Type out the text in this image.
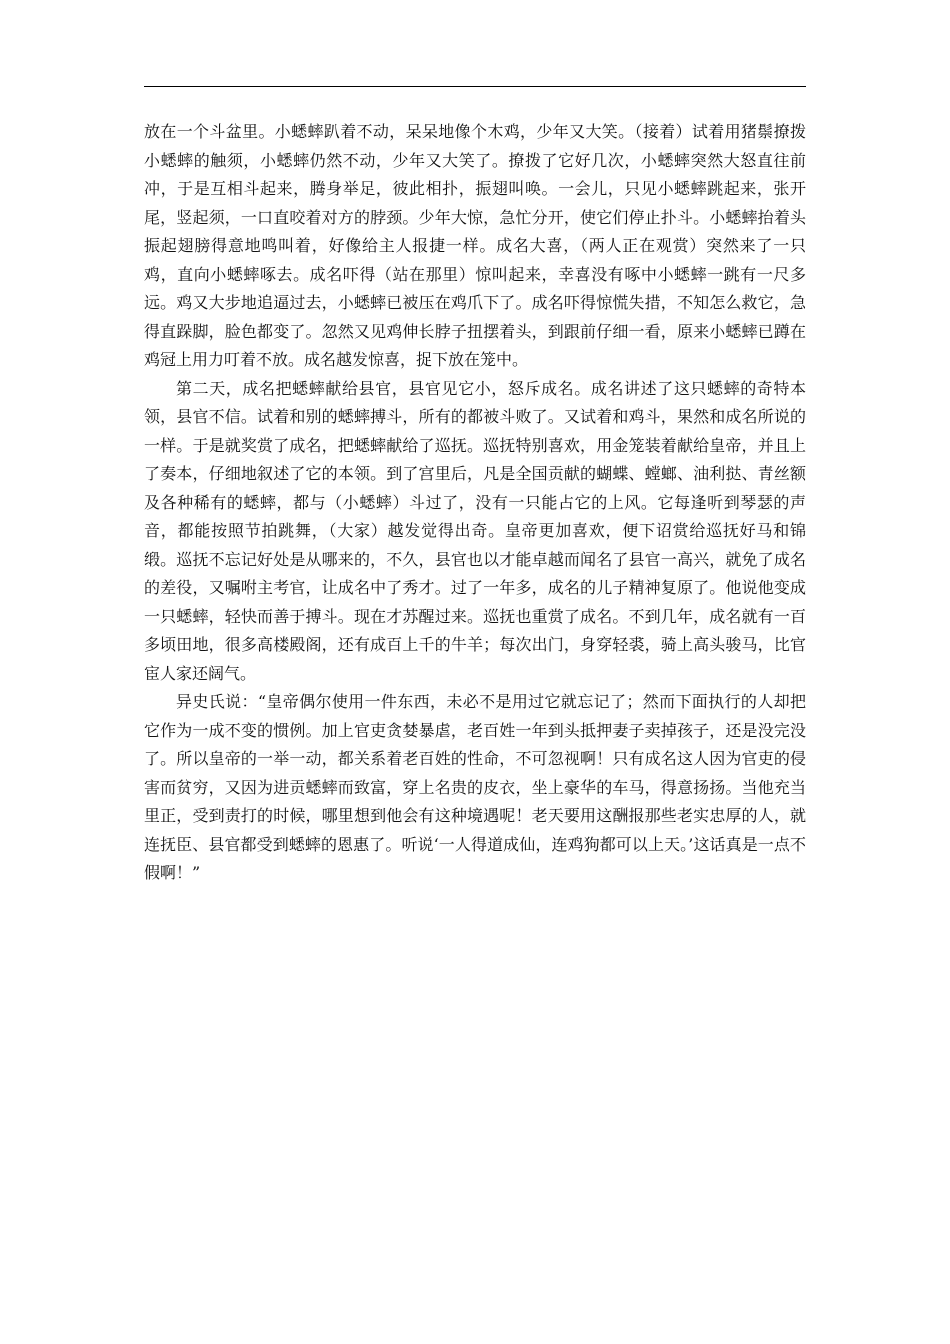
放在一个斗盆里。小蟋蟀趴着不动，呆呆地像个木鸡，少年又大笑。（接着）试着用猪鬃撩拨小蟋蟀的触须，小蟋蟀仍然不动，少年又大笑了。撩拨了它好几次，小蟋蟀突然大怒直往前冲，于是互相斗起来，腾身举足，彼此相扑，振翅叫唤。一会儿，只见小蟋蟀跳起来，张开尾，竖起须，一口直咬着对方的脖颈。少年大惊，急忙分开，使它们停止扑斗。小蟋蟀抬着头振起翅膀得意地鸣叫着，好像给主人报捷一样。成名大喜，（两人正在观赏）突然来了一只鸡，直向小蟋蟀啄去。成名吓得（站在那里）惊叫起来，幸喜没有啄中小蟋蟀一跳有一尺多远。鸡又大步地追逼过去，小蟋蟀已被压在鸡爪下了。成名吓得惊慌失措，不知怎么救它，急得直跺脚，脸色都变了。忽然又见鸡伸长脖子扭摆着头，到跟前仔细一看，原来小蟋蟀已蹲在鸡冠上用力叮着不放。成名越发惊喜，捉下放在笼中。

第二天，成名把蟋蟀献给县官，县官见它小，怒斥成名。成名讲述了这只蟋蟀的奇特本领，县官不信。试着和别的蟋蟀搏斗，所有的都被斗败了。又试着和鸡斗，果然和成名所说的一样。于是就奖赏了成名，把蟋蟀献给了巡抚。巡抚特别喜欢，用金笼装着献给皇帝，并且上了奏本，仔细地叙述了它的本领。到了宫里后，凡是全国贡献的蝴蝶、螳螂、油利挞、青丝额及各种稀有的蟋蟀，都与（小蟋蟀）斗过了，没有一只能占它的上风。它每逢听到琴瑟的声音，都能按照节拍跳舞，（大家）越发觉得出奇。皇帝更加喜欢，便下诏赏给巡抚好马和锦缎。巡抚不忘记好处是从哪来的，不久，县官也以才能卓越而闻名了县官一高兴，就免了成名的差役，又嘱咐主考官，让成名中了秀才。过了一年多，成名的儿子精神复原了。他说他变成一只蟋蟀，轻快而善于搏斗。现在才苏醒过来。巡抚也重赏了成名。不到几年，成名就有一百多顷田地，很多高楼殿阁，还有成百上千的牛羊；每次出门，身穿轻裘，骑上高头骏马，比官宦人家还阔气。

异史氏说：“皇帝偶尔使用一件东西，未必不是用过它就忘记了；然而下面执行的人却把它作为一成不变的惯例。加上官吏贪婪暴虐，老百姓一年到头抵押妻子卖掉孩子，还是没完没了。所以皇帝的一举一动，都关系着老百姓的性命，不可忽视啊！只有成名这人因为官吏的侵害而贫穷，又因为进贡蟋蟀而致富，穿上名贵的皮衣，坐上豪华的车马，得意扬扬。当他充当里正，受到责打的时候，哪里想到他会有这种境遇呢！老天要用这酬报那些老实忠厚的人，就连抚臣、县官都受到蟋蟀的恩惠了。听说‘一人得道成仙，连鸡狗都可以上天。’这话真是一点不假啊！”
